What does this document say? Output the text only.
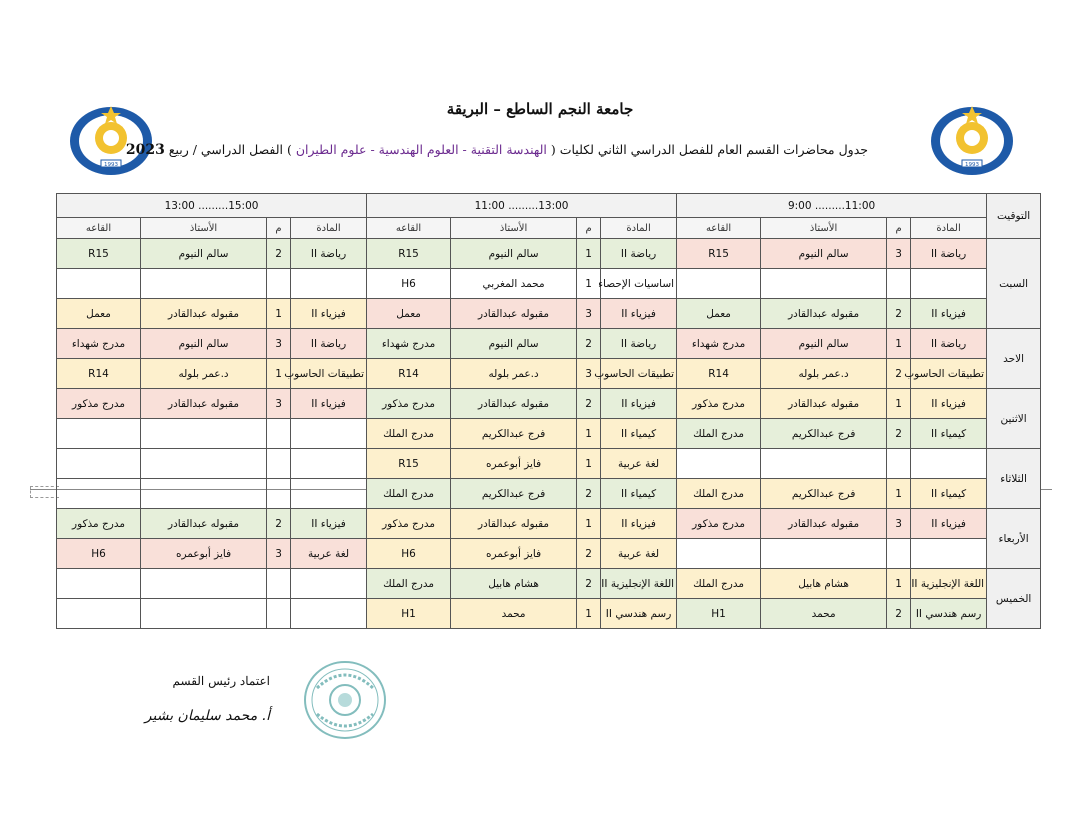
1993
1993
جامعة النجم الساطع – البريقة
جدول محاضرات القسم العام للفصل الدراسي الثاني لكليات ( الهندسة التقنية - العلوم الهندسية - علوم الطيران ) الفصل الدراسي / ربيع 2023
التوقيت	9:00 .........11:00				11:00 .........13:00				13:00 .........15:00			
	المادة	م	الأستاذ	القاعه	المادة	م	الأستاذ	القاعه	المادة	م	الأستاذ	القاعه
السبت	رياضة II	3	سالم النيوم	R15	رياضة II	1	سالم النيوم	R15	رياضة II	2	سالم النيوم	R15
					اساسيات الإحصاء	1	محمد المغربي	H6				
	فيزياء II	2	مقبوله عبدالقادر	معمل	فيزياء II	3	مقبوله عبدالقادر	معمل	فيزياء II	1	مقبوله عبدالقادر	معمل
الاحد	رياضة II	1	سالم النيوم	مدرج شهداء	رياضة II	2	سالم النيوم	مدرج شهداء	رياضة II	3	سالم النيوم	مدرج شهداء
	تطبيقات الحاسوب	2	د.عمر بلوله	R14	تطبيقات الحاسوب	3	د.عمر بلوله	R14	تطبيقات الحاسوب	1	د.عمر بلوله	R14
الاثنين	فيزياء II	1	مقبوله عبدالقادر	مدرج مذكور	فيزياء II	2	مقبوله عبدالقادر	مدرج مذكور	فيزياء II	3	مقبوله عبدالقادر	مدرج مذكور
	كيمياء II	2	فرج عبدالكريم	مدرج الملك	كيمياء II	1	فرج عبدالكريم	مدرج الملك				
الثلاثاء					لغة عربية	1	فايز أبوعمره	R15				
	كيمياء II	1	فرج عبدالكريم	مدرج الملك	كيمياء II	2	فرج عبدالكريم	مدرج الملك				
الأربعاء	فيزياء II	3	مقبوله عبدالقادر	مدرج مذكور	فيزياء II	1	مقبوله عبدالقادر	مدرج مذكور	فيزياء II	2	مقبوله عبدالقادر	مدرج مذكور
					لغة عربية	2	فايز أبوعمره	H6	لغة عربية	3	فايز أبوعمره	H6
الخميس	اللغة الإنجليزية II	1	هشام هابيل	مدرج الملك	اللغة الإنجليزية II	2	هشام هابيل	مدرج الملك				
	رسم هندسي II	2	محمد	H1	رسم هندسي II	1	محمد	H1				
اعتماد رئيس القسم
أ. محمد سليمان بشير
